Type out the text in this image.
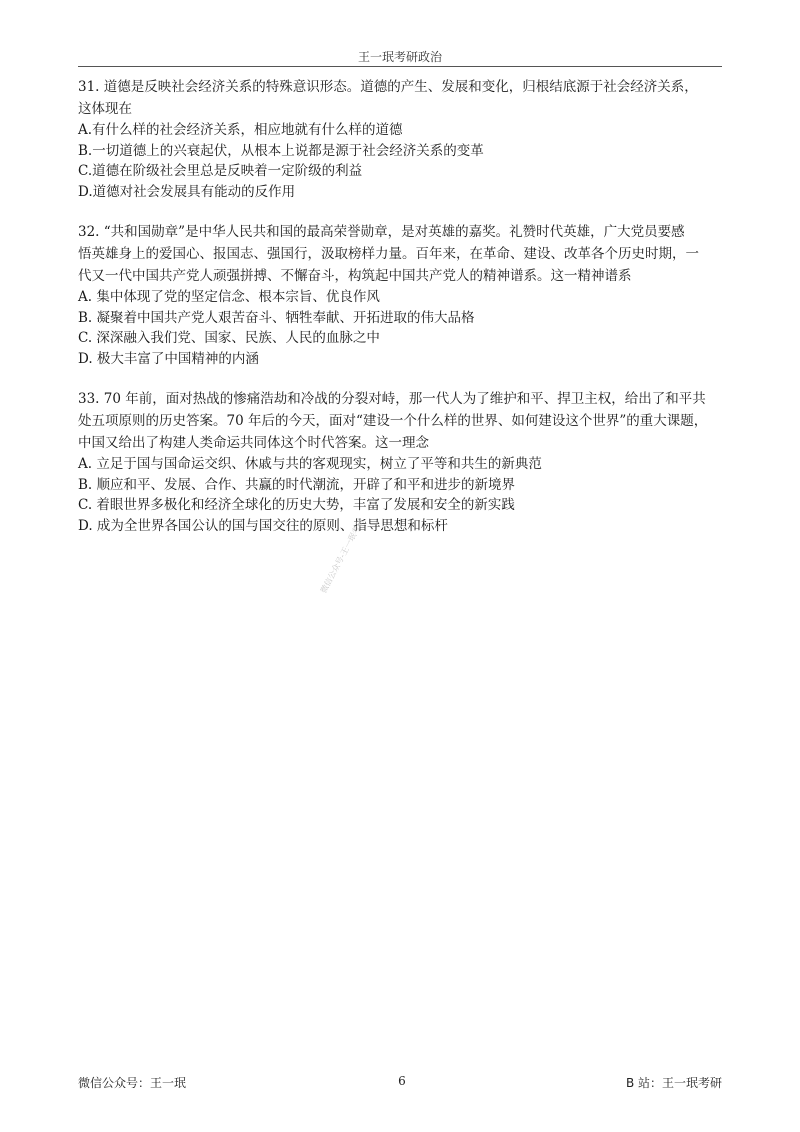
王一珉考研政治

31. 道德是反映社会经济关系的特殊意识形态。道德的产生、发展和变化，归根结底源于社会经济关系，
这体现在

A.有什么样的社会经济关系，相应地就有什么样的道德

B.一切道德上的兴衰起伏，从根本上说都是源于社会经济关系的变革

C.道德在阶级社会里总是反映着一定阶级的利益

D.道德对社会发展具有能动的反作用

32. “共和国勋章”是中华人民共和国的最高荣誉勋章，是对英雄的嘉奖。礼赞时代英雄，广大党员要感
悟英雄身上的爱国心、报国志、强国行，汲取榜样力量。百年来，在革命、建设、改革各个历史时期，一
代又一代中国共产党人顽强拼搏、不懈奋斗，构筑起中国共产党人的精神谱系。这一精神谱系

A. 集中体现了党的坚定信念、根本宗旨、优良作风

B. 凝聚着中国共产党人艰苦奋斗、牺牲奉献、开拓进取的伟大品格

C. 深深融入我们党、国家、民族、人民的血脉之中

D. 极大丰富了中国精神的内涵

33. 70 年前，面对热战的惨痛浩劫和冷战的分裂对峙，那一代人为了维护和平、捍卫主权，给出了和平共
处五项原则的历史答案。70 年后的今天，面对“建设一个什么样的世界、如何建设这个世界”的重大课题，
中国又给出了构建人类命运共同体这个时代答案。这一理念

A. 立足于国与国命运交织、休戚与共的客观现实，树立了平等和共生的新典范

B. 顺应和平、发展、合作、共赢的时代潮流，开辟了和平和进步的新境界

C. 着眼世界多极化和经济全球化的历史大势，丰富了发展和安全的新实践

D. 成为全世界各国公认的国与国交往的原则、指导思想和标杆

微信公众号-王一珉考研
微信公众号：王一珉	6	B 站：王一珉考研
